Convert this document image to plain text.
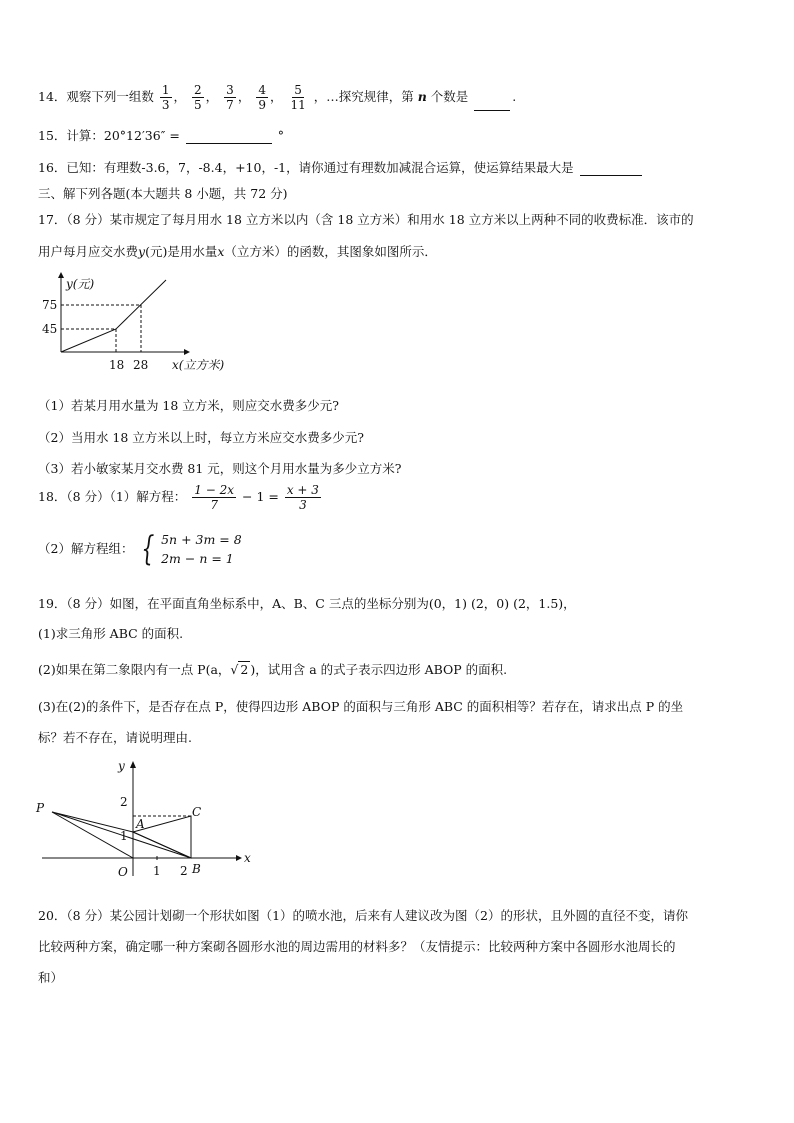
14．观察下列一组数 $\frac{1}{3}$ ， $\frac{2}{5}$ ， $\frac{3}{7}$ ， $\frac{4}{9}$ ， $\frac{5}{11}$ ，…探究规律，第 n 个数是	.
15．计算：20°12′36″ =	°
16．已知：有理数-3.6，7，-8.4，+10，-1，请你通过有理数加减混合运算，使运算结果最大是
三、解下列各题(本大题共 8 小题，共 72 分)
17．（8 分）某市规定了每月用水 18 立方米以内（含 18 立方米）和用水 18 立方米以上两种不同的收费标准．该市的
用户每月应交水费y(元)是用水量x（立方米）的函数，其图象如图所示．
y(元)
75
45
18 28 x(立方米)
（1）若某月用水量为 18 立方米，则应交水费多少元?
（2）当用水 18 立方米以上时，每立方米应交水费多少元?
（3）若小敏家某月交水费 81 元，则这个月用水量为多少立方米?
18．（8 分）（1）解方程： $\frac{1 - 2x}{7} - 1 = \frac{x + 3}{3}$
（2）解方程组： { 5n + 3m = 8
2m − n = 1
19．（8 分）如图，在平面直角坐标系中，A、B、C 三点的坐标分别为(0，1) (2，0) (2，1.5)，
(1)求三角形 ABC 的面积.
(2)如果在第二象限内有一点 P(a，√ 2 )，试用含 a 的式子表示四边形 ABOP 的面积.
(3)在(2)的条件下，是否存在点 P，使得四边形 ABOP 的面积与三角形 ABC 的面积相等？若存在，请求出点 P 的坐
标？若不存在，请说明理由.
P
A
B
C
O
x
y
1 2
1
2
20．（8 分）某公园计划砌一个形状如图（1）的喷水池，后来有人建议改为图（2）的形状，且外圆的直径不变，请你
比较两种方案，确定哪一种方案砌各圆形水池的周边需用的材料多？（友情提示：比较两种方案中各圆形水池周长的
和）
